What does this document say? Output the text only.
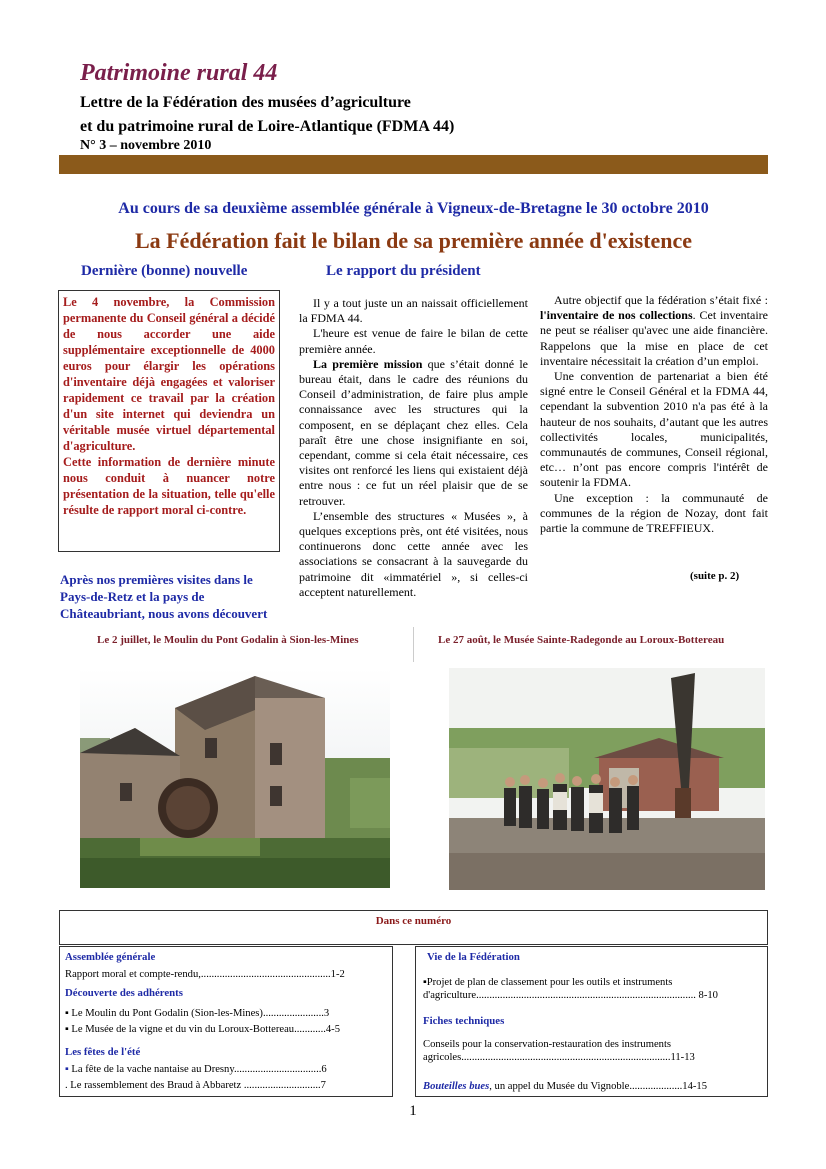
Patrimoine rural 44
Lettre de la Fédération des musées d’agriculture
et du patrimoine rural de Loire-Atlantique (FDMA 44)
N° 3 – novembre 2010
Au cours de sa deuxième assemblée générale à Vigneux-de-Bretagne le 30 octobre 2010
La Fédération fait le bilan de sa première année d'existence
Dernière (bonne) nouvelle	Le rapport du président

Le 4 novembre, la Commission permanente du Conseil général a décidé de nous accorder une aide supplémentaire exceptionnelle de 4000 euros pour élargir les opérations d'inventaire déjà engagées et valoriser rapidement ce travail par la création d'un site internet qui deviendra un véritable musée virtuel départemental d'agriculture.

Cette information de dernière minute nous conduit à nuancer notre présentation de la situation, telle qu'elle résulte de rapport moral ci-contre.

Après nos premières visites dans le Pays-de-Retz et la pays de Châteaubriant, nous avons découvert

Il y a tout juste un an naissait officiellement la FDMA 44.

L'heure est venue de faire le bilan de cette première année.

La première mission que s’était donné le bureau était, dans le cadre des réunions du Conseil d’administration, de faire plus ample connaissance avec les structures qui la composent, en se déplaçant chez elles. Cela paraît être une chose insignifiante en soi, cependant, comme si cela était nécessaire, ces visites ont renforcé les liens qui existaient déjà entre nous : ce fut un réel plaisir que de se retrouver.

L’ensemble des structures « Musées », à quelques exceptions près, ont été visitées, nous continuerons donc cette année avec les associations se consacrant à la sauvegarde du patrimoine dit «immatériel », si celles-ci acceptent naturellement.

Autre objectif que la fédération s’était fixé : l'inventaire de nos collections. Cet inventaire ne peut se réaliser qu'avec une aide financière. Rappelons que la mise en place de cet inventaire nécessitait la création d’un emploi.

Une convention de partenariat a bien été signé entre le Conseil Général et la FDMA 44, cependant la subvention 2010 n'a pas été à la hauteur de nos souhaits, d’autant que les autres collectivités locales, municipalités, communautés de communes, Conseil régional, etc… n’ont pas encore compris l'intérêt de soutenir la FDMA.

Une exception : la communauté de communes de la région de Nozay, dont fait partie la commune de TREFFIEUX.

(suite p. 2)
Le 2 juillet, le Moulin du Pont Godalin à Sion-les-Mines	Le 27 août, le Musée Sainte-Radegonde au Loroux-Bottereau
Dans ce numéro
Assemblée générale
Rapport moral et compte-rendu,.................................................1-2
Découverte des adhérents
▪ Le Moulin du Pont Godalin (Sion-les-Mines).......................3
▪ Le Musée de la vigne et du vin du Loroux-Bottereau............4-5
Les fêtes de l'été
▪ La fête de la vache nantaise au Dresny.................................6
. Le rassemblement des Braud à Abbaretz .............................7
Vie de la Fédération
▪Projet de plan de classement pour les outils et instruments d'agriculture................................................................................... 8-10
Fiches techniques
Conseils pour la conservation-restauration des instruments agricoles...............................................................................11-13
Bouteilles bues, un appel du Musée du Vignoble....................14-15
1
